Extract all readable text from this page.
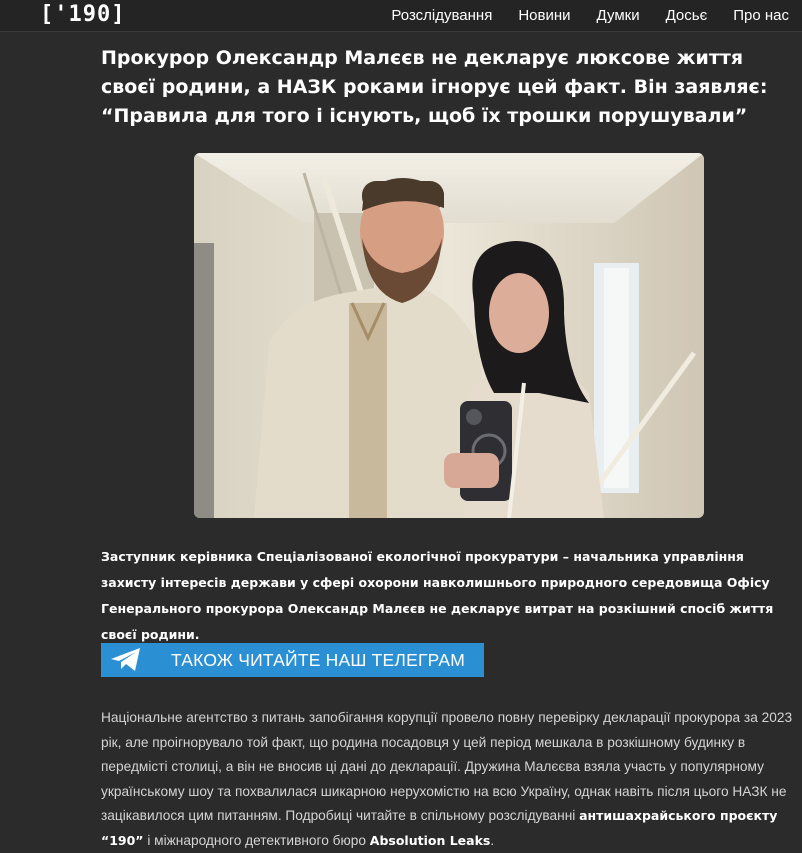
['190]	Розслідування	Новини	Думки	Досьє	Про нас
Прокурор Олександр Малєєв не декларує люксове життя своєї родини, а НАЗК роками ігнорує цей факт. Він заявляє: “Правила для того і існують, щоб їх трошки порушували”

Заступник керівника Спеціалізованої екологічної прокуратури – начальника управління захисту інтересів держави у сфері охорони навколишнього природного середовища Офісу Генерального прокурора Олександр Малєєв не декларує витрат на розкішний спосіб життя своєї родини.

ТАКОЖ ЧИТАЙТЕ НАШ ТЕЛЕГРАМ

Національне агентство з питань запобігання корупції провело повну перевірку декларації прокурора за 2023 рік, але проігнорувало той факт, що родина посадовця у цей період мешкала в розкішному будинку в передмісті столиці, а він не вносив ці дані до декларації. Дружина Малєєва взяла участь у популярному українському шоу та похвалилася шикарною нерухомістю на всю Україну, однак навіть після цього НАЗК не зацікавилося цим питанням. Подробиці читайте в спільному розслідуванні антишахрайського проєкту “190” і міжнародного детективного бюро Absolution Leaks.
